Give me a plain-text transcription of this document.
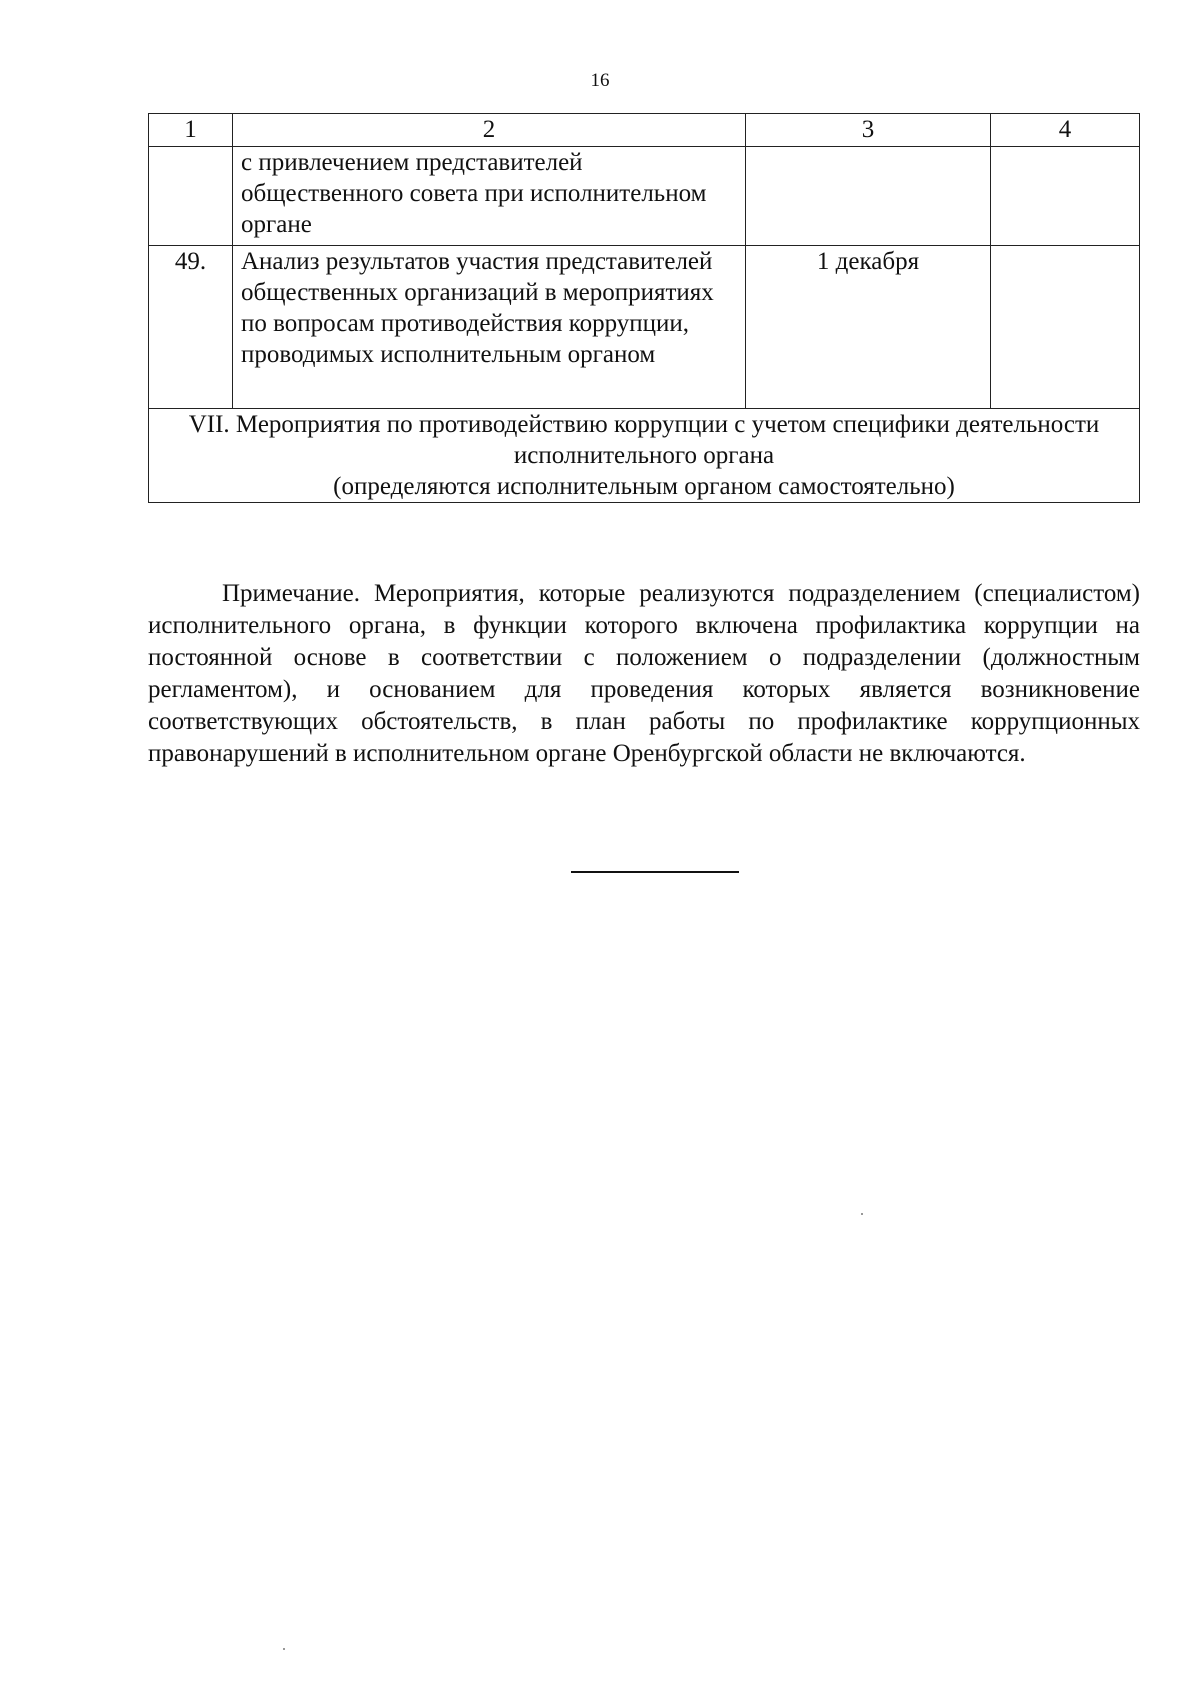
16
1	2	3	4
	с привлечением представителей общественного совета при исполнительном органе		
49.	Анализ результатов участия представителей общественных организаций в мероприятиях по вопросам противодействия коррупции, проводимых исполнительным органом	1 декабря	

VII. Мероприятия по противодействию коррупции с учетом специфики деятельности исполнительного органа
(определяются исполнительным органом самостоятельно)			

Примечание. Мероприятия, которые реализуются подразделением (специалистом) исполнительного органа, в функции которого включена профилактика коррупции на постоянной основе в соответствии с положением о подразделении (должностным регламентом), и основанием для проведения которых является возникновение соответствующих обстоятельств, в план работы по профилактике коррупционных правонарушений в исполнительном органе Оренбургской области не включаются.
